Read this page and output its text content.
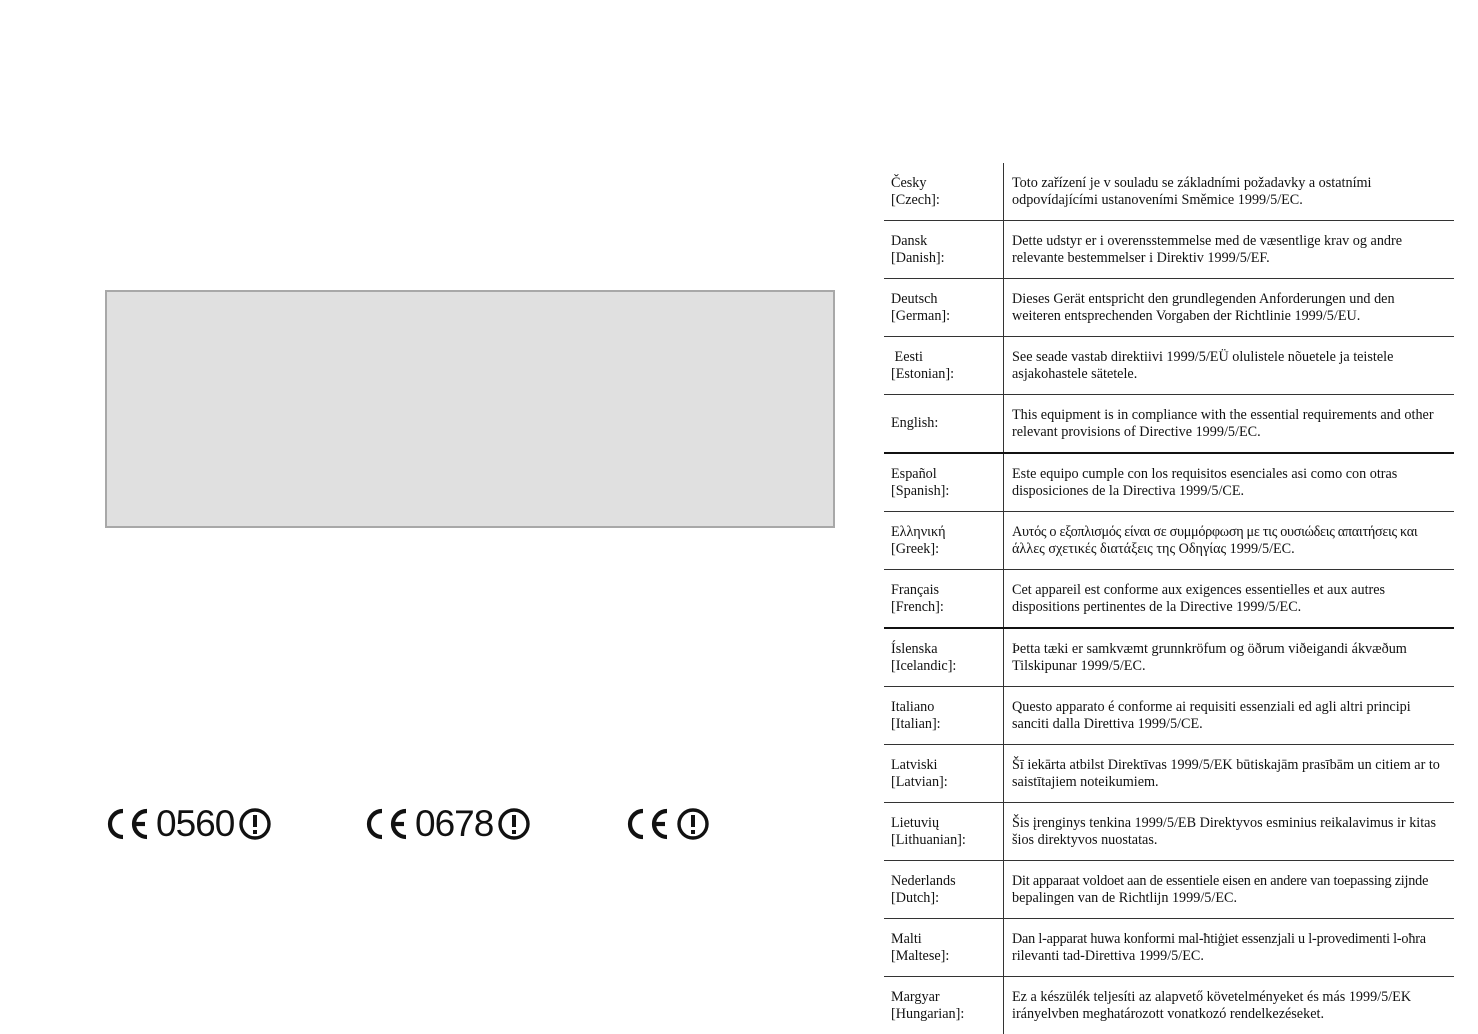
0560	0678
Česky
[Czech]:	Toto zařízení je v souladu se základními požadavky a ostatními
odpovídajícími ustanoveními Směmice 1999/5/EC.

Dansk
[Danish]:	Dette udstyr er i overensstemmelse med de væsentlige krav og andre
relevante bestemmelser i Direktiv 1999/5/EF.

Deutsch
[German]:	Dieses Gerät entspricht den grundlegenden Anforderungen und den
weiteren entsprechenden Vorgaben der Richtlinie 1999/5/EU.

Eesti
[Estonian]:	See seade vastab direktiivi 1999/5/EÜ olulistele nõuetele ja teistele
asjakohastele sätetele.

English:	This equipment is in compliance with the essential requirements and other
relevant provisions of Directive 1999/5/EC.

Español
[Spanish]:	Este equipo cumple con los requisitos esenciales asi como con otras
disposiciones de la Directiva 1999/5/CE.

Ελληνική
[Greek]:	Αυτός ο εξοπλισμός είναι σε συμμόρφωση με τις ουσιώδεις απαιτήσεις και
άλλες σχετικές διατάξεις της Οδηγίας 1999/5/EC.

Français
[French]:	Cet appareil est conforme aux exigences essentielles et aux autres
dispositions pertinentes de la Directive 1999/5/EC.

Íslenska
[Icelandic]:	Þetta tæki er samkvæmt grunnkröfum og öðrum viðeigandi ákvæðum
Tilskipunar 1999/5/EC.

Italiano
[Italian]:	Questo apparato é conforme ai requisiti essenziali ed agli altri principi
sanciti dalla Direttiva 1999/5/CE.

Latviski
[Latvian]:	Šī iekārta atbilst Direktīvas 1999/5/EK būtiskajām prasībām un citiem ar to
saistītajiem noteikumiem.

Lietuvių
[Lithuanian]:	Šis įrenginys tenkina 1999/5/EB Direktyvos esminius reikalavimus ir kitas
šios direktyvos nuostatas.

Nederlands
[Dutch]:	Dit apparaat voldoet aan de essentiele eisen en andere van toepassing zijnde
bepalingen van de Richtlijn 1999/5/EC.

Malti
[Maltese]:	Dan l-apparat huwa konformi mal-ħtiġiet essenzjali u l-provedimenti l-oħra
rilevanti tad-Direttiva 1999/5/EC.

Margyar
[Hungarian]:	Ez a készülék teljesíti az alapvető követelményeket és más 1999/5/EK
irányelvben meghatározott vonatkozó rendelkezéseket.
